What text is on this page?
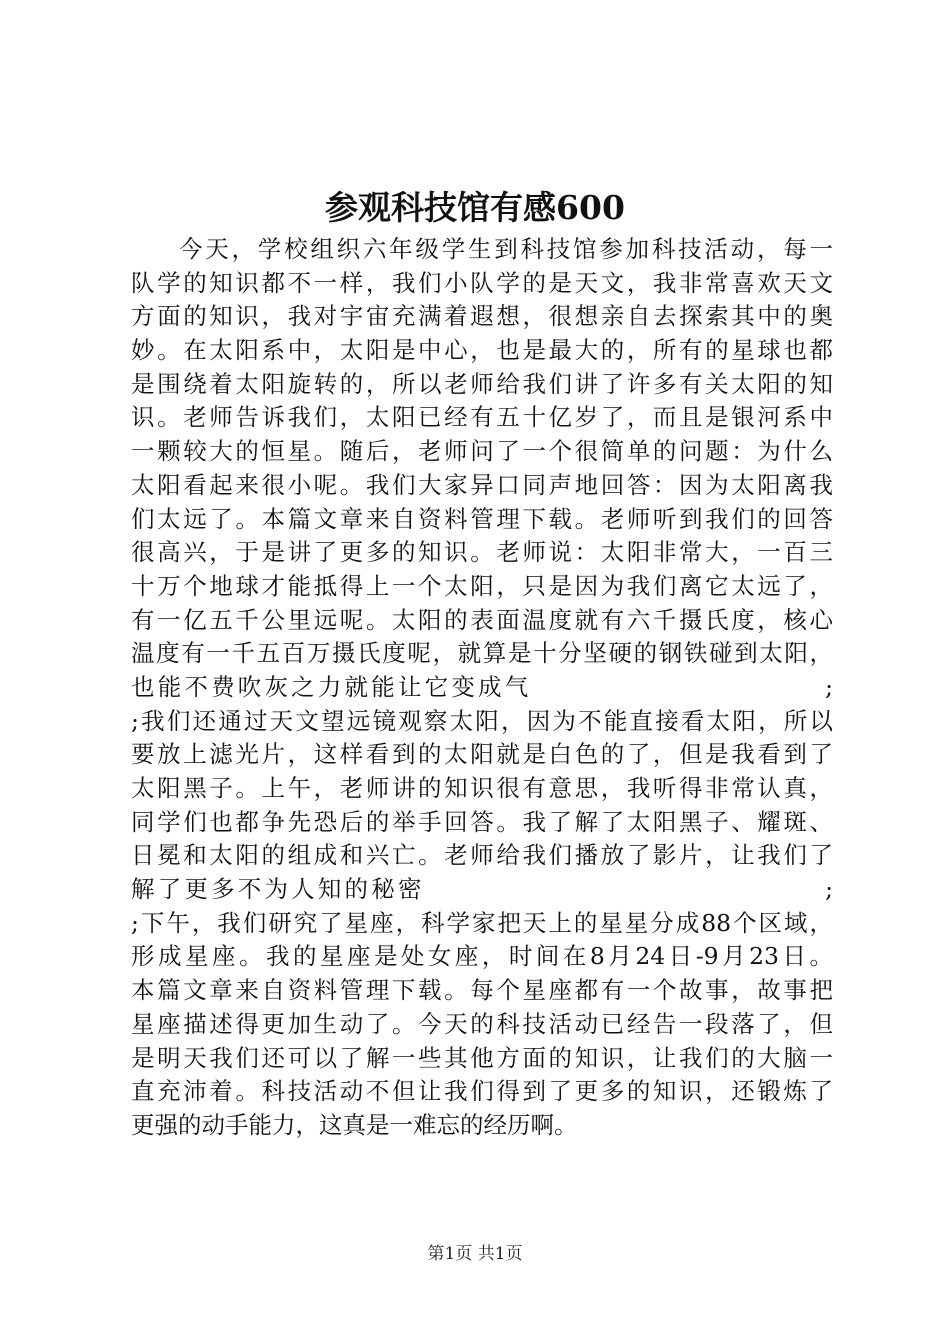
参观科技馆有感600
今天，学校组织六年级学生到科技馆参加科技活动，每一
队学的知识都不一样，我们小队学的是天文，我非常喜欢天文
方面的知识，我对宇宙充满着遐想，很想亲自去探索其中的奥
妙。在太阳系中，太阳是中心，也是最大的，所有的星球也都
是围绕着太阳旋转的，所以老师给我们讲了许多有关太阳的知
识。老师告诉我们，太阳已经有五十亿岁了，而且是银河系中
一颗较大的恒星。随后，老师问了一个很简单的问题：为什么
太阳看起来很小呢。我们大家异口同声地回答：因为太阳离我
们太远了。本篇文章来自资料管理下载。老师听到我们的回答
很高兴，于是讲了更多的知识。老师说：太阳非常大，一百三
十万个地球才能抵得上一个太阳，只是因为我们离它太远了，
有一亿五千公里远呢。太阳的表面温度就有六千摄氏度，核心
温度有一千五百万摄氏度呢，就算是十分坚硬的钢铁碰到太阳，
也能不费吹灰之力就能让它变成气　　　　　　　　　　　;
;我们还通过天文望远镜观察太阳，因为不能直接看太阳，所以
要放上滤光片，这样看到的太阳就是白色的了，但是我看到了
太阳黑子。上午，老师讲的知识很有意思，我听得非常认真，
同学们也都争先恐后的举手回答。我了解了太阳黑子、耀斑、
日冕和太阳的组成和兴亡。老师给我们播放了影片，让我们了
解了更多不为人知的秘密　　　　　　　　　　　　　　　;
;下午，我们研究了星座，科学家把天上的星星分成88个区域，
形成星座。我的星座是处女座，时间在8月24日-9月23日。
本篇文章来自资料管理下载。每个星座都有一个故事，故事把
星座描述得更加生动了。今天的科技活动已经告一段落了，但
是明天我们还可以了解一些其他方面的知识，让我们的大脑一
直充沛着。科技活动不但让我们得到了更多的知识，还锻炼了
更强的动手能力，这真是一难忘的经历啊。
第1页 共1页
